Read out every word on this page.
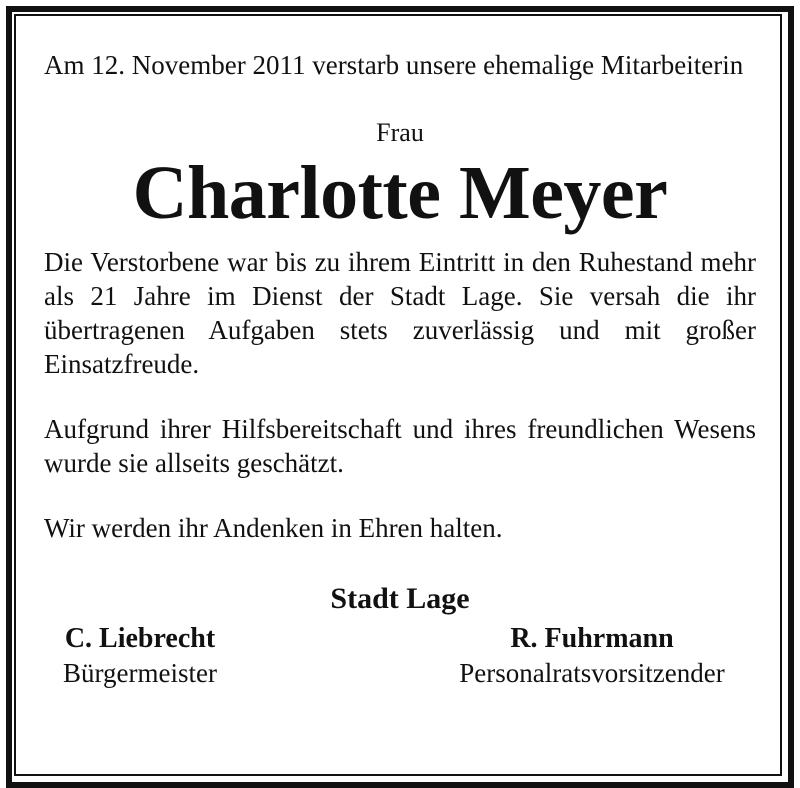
Am 12. November 2011 verstarb unsere ehemalige Mitarbeiterin

Frau
Charlotte Meyer

Die Verstorbene war bis zu ihrem Eintritt in den Ruhestand mehr als 21 Jahre im Dienst der Stadt Lage. Sie versah die ihr übertragenen Aufgaben stets zuverlässig und mit großer Einsatzfreude.

Aufgrund ihrer Hilfsbereitschaft und ihres freundlichen Wesens wurde sie allseits geschätzt.

Wir werden ihr Andenken in Ehren halten.

Stadt Lage
C. Liebrecht
Bürgermeister
R. Fuhrmann
Personalratsvorsitzender
